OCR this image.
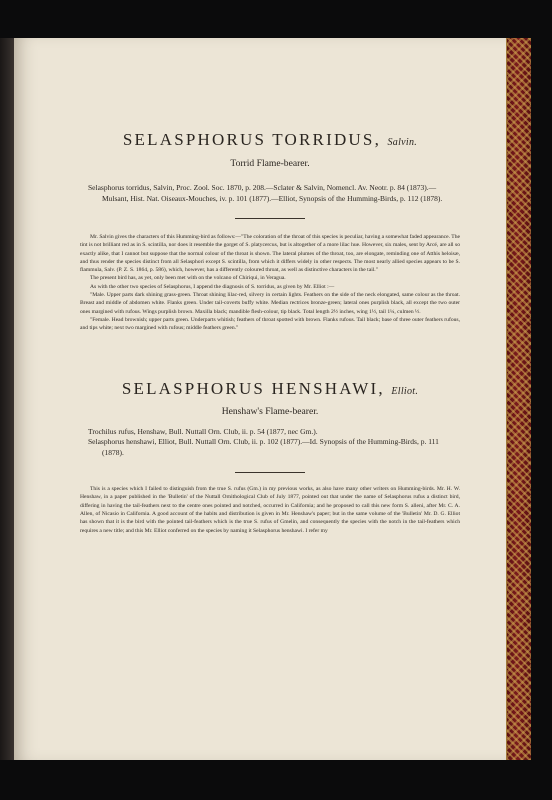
SELASPHORUS TORRIDUS, Salvin.
Torrid Flame-bearer.
Selasphorus torridus, Salvin, Proc. Zool. Soc. 1870, p. 208.—Sclater & Salvin, Nomencl. Av. Neotr. p. 84 (1873).—Mulsant, Hist. Nat. Oiseaux-Mouches, iv. p. 101 (1877).—Elliot, Synopsis of the Humming-Birds, p. 112 (1878).

Mr. Salvin gives the characters of this Humming-bird as follows:—"The coloration of the throat of this species is peculiar, having a somewhat faded appearance. The tint is not brilliant red as in S. scintilla, nor does it resemble the gorget of S. platycercus, but is altogether of a more lilac hue. However, six males, sent by Arcé, are all so exactly alike, that I cannot but suppose that the normal colour of the throat is shown. The lateral plumes of the throat, too, are elongate, reminding one of Atthis heloisæ, and thus render the species distinct from all Selasphori except S. scintilla, from which it differs widely in other respects. The most nearly allied species appears to be S. flammula, Salv. (P. Z. S. 1864, p. 586), which, however, has a differently coloured throat, as well as distinctive characters in the tail."

The present bird has, as yet, only been met with on the volcano of Chiriqui, in Veragua.

As with the other two species of Selasphorus, I append the diagnosis of S. torridus, as given by Mr. Elliot :—

"Male. Upper parts dark shining grass-green. Throat shining lilac-red, silvery in certain lights. Feathers on the side of the neck elongated, same colour as the throat. Breast and middle of abdomen white. Flanks green. Under tail-coverts buffy white. Median rectrices bronze-green; lateral ones purplish black, all except the two outer ones margined with rufous. Wings purplish brown. Maxilla black; mandible flesh-colour, tip black. Total length 2½ inches, wing 1½, tail 1¼, culmen ½.

"Female. Head brownish; upper parts green. Underparts whitish; feathers of throat spotted with brown. Flanks rufous. Tail black; base of three outer feathers rufous, and tips white; next two margined with rufous; middle feathers green."

SELASPHORUS HENSHAWI, Elliot.
Henshaw's Flame-bearer.
Trochilus rufus, Henshaw, Bull. Nuttall Orn. Club, ii. p. 54 (1877, nec Gm.).
Selasphorus henshawi, Elliot, Bull. Nuttall Orn. Club, ii. p. 102 (1877).—Id. Synopsis of the Humming-Birds, p. 111 (1878).

This is a species which I failed to distinguish from the true S. rufus (Gm.) in my previous works, as also have many other writers on Humming-birds. Mr. H. W. Henshaw, in a paper published in the 'Bulletin' of the Nuttall Ornithological Club of July 1877, pointed out that under the name of Selasphorus rufus a distinct bird, differing in having the tail-feathers next to the centre ones pointed and notched, occurred in California; and he proposed to call this new form S. alleni, after Mr. C. A. Allen, of Nicasio in California. A good account of the habits and distribution is given in Mr. Henshaw's paper; but in the same volume of the 'Bulletin' Mr. D. G. Elliot has shown that it is the bird with the pointed tail-feathers which is the true S. rufus of Gmelin, and consequently the species with the notch in the tail-feathers which requires a new title; and this Mr. Elliot conferred on the species by naming it Selasphorus henshawi. I refer my
